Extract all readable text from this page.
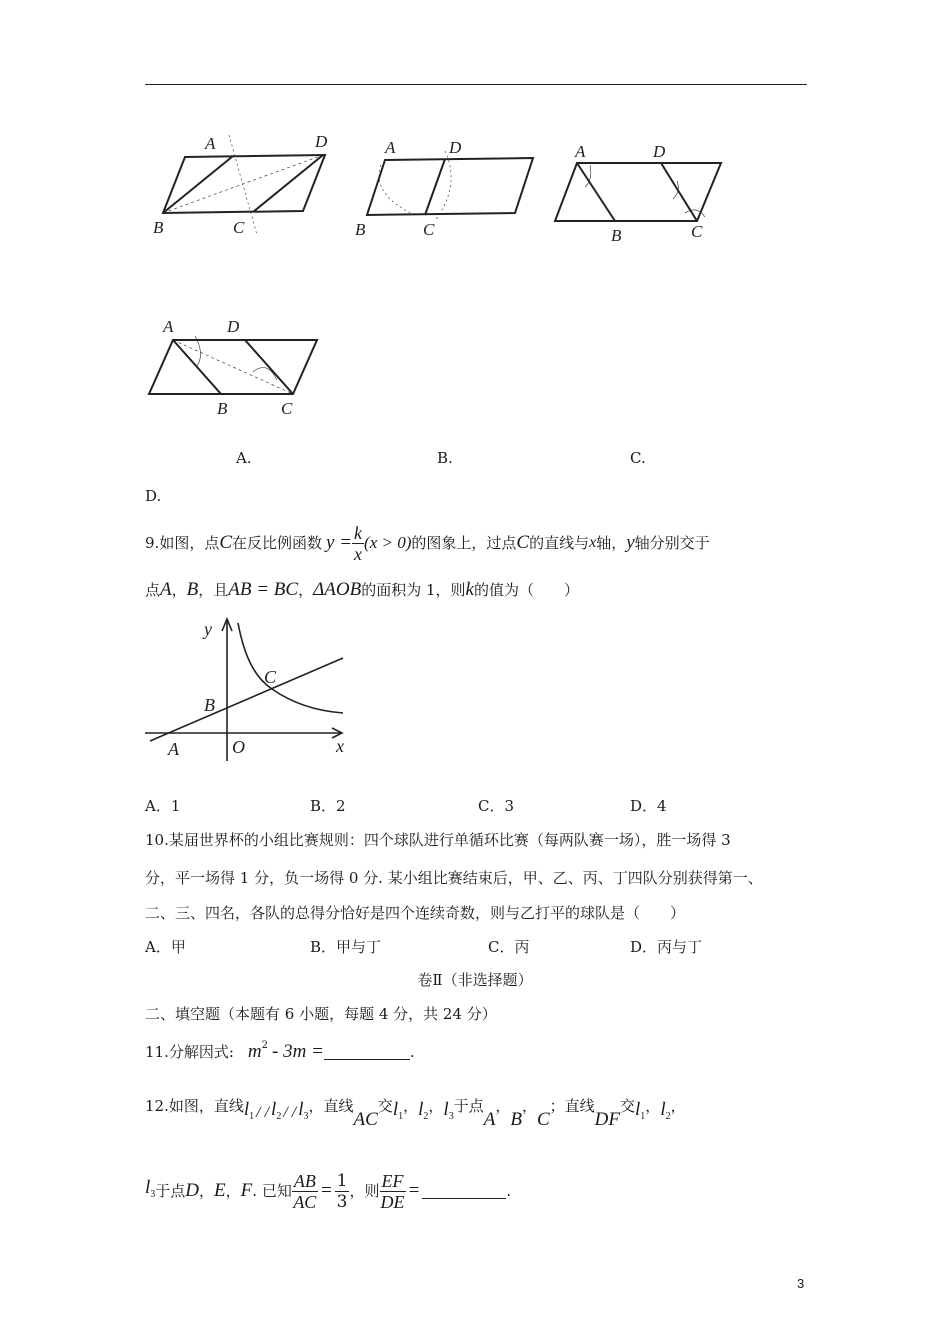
A	D
B	C
A	D
B	C
A	D
B	C
A	D
B	C
A.	B.	C.
D.
9. 如图，点 C 在反比例函数 $y = \frac{k}{x} (x > 0)$ 的图象上，过点 C 的直线与 x 轴， y 轴分别交于
点 A ， B ，且 AB = BC ， ΔAOB 的面积为 1，则 k 的值为（　　）
y
x
O
A
B
C
A．1	B．2	C．3	D．4
10.某届世界杯的小组比赛规则：四个球队进行单循环比赛（每两队赛一场），胜一场得 3
分，平一场得 1 分，负一场得 0 分. 某小组比赛结束后，甲、乙、丙、丁四队分别获得第一、
二、三、四名，各队的总得分恰好是四个连续奇数，则与乙打平的球队是（　　）
A．甲	B．甲与丁	C．丙	D．丙与丁
卷Ⅱ（非选择题）
二、填空题（本题有 6 小题，每题 4 分，共 24 分）
11.分解因式: $m^2 - 3m$ =	.
12.如图，直线 $l_1$ / / $l_2$ / / $l_3$
， 直线
AC
交 $l_1$
， $l_2$
， $l_3$
于点
A
，
B
，
C
； 直线
DF
交 $l_1$
， $l_2$
，
$l_3$ 于点 D ， E ， F . 已知 $\frac{AB}{AC} = \frac{1}{3}$ ，则 $\frac{EF}{DE}$ =	.
3
